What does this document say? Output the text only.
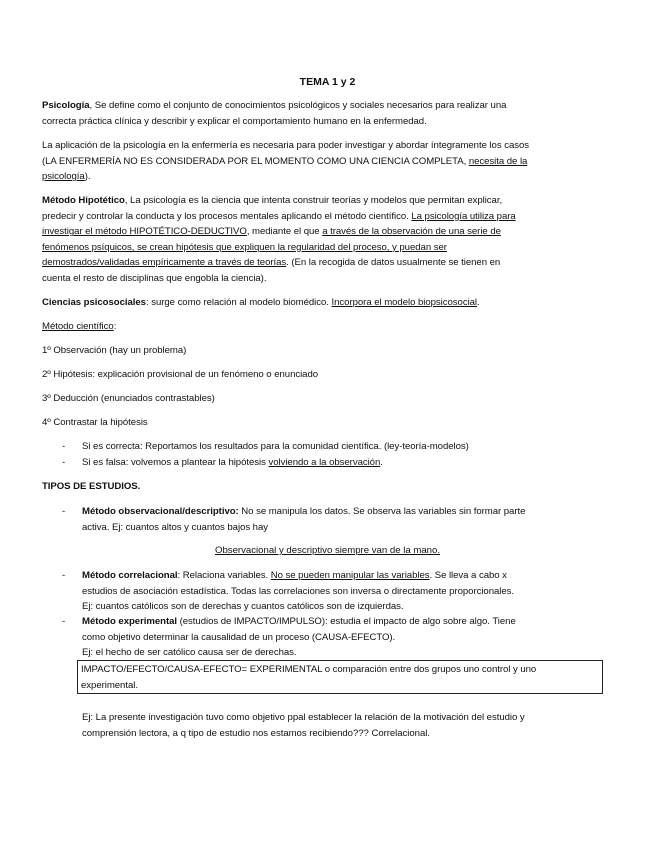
TEMA 1 y 2

Psicología, Se define como el conjunto de conocimientos psicológicos y sociales necesarios para realizar una

correcta práctica clínica y describir y explicar el comportamiento humano en la enfermedad.

La aplicación de la psicología en la enfermería es necesaria para poder investigar y abordar íntegramente los casos

(LA ENFERMERÍA NO ES CONSIDERADA POR EL MOMENTO COMO UNA CIENCIA COMPLETA, necesita de la

psicología).

Método Hipotético, La psicología es la ciencia que intenta construir teorías y modelos que permitan explicar,

predecir y controlar la conducta y los procesos mentales aplicando el método científico. La psicología utiliza para

investigar el método HIPOTÉTICO-DEDUCTIVO, mediante el que a través de la observación de una serie de

fenómenos psíquicos, se crean hipótesis que expliquen la regularidad del proceso, y puedan ser

demostrados/validadas empíricamente a través de teorías. (En la recogida de datos usualmente se tienen en

cuenta el resto de disciplinas que engobla la ciencia).

Ciencias psicosociales: surge como relación al modelo biomédico. Incorpora el modelo biopsicosocial.

Método científico:

1º Observación (hay un problema)

2º Hipótesis: explicación provisional de un fenómeno o enunciado

3º Deducción (enunciados contrastables)

4º Contrastar la hipótesis

- Si es correcta: Reportamos los resultados para la comunidad científica. (ley-teoría-modelos)

- Si es falsa: volvemos a plantear la hipótesis volviendo a la observación.

TIPOS DE ESTUDIOS.

- Método observacional/descriptivo: No se manipula los datos. Se observa las variables sin formar parte

activa. Ej: cuantos altos y cuantos bajos hay

Observacional y descriptivo siempre van de la mano.
- Método correlacional: Relaciona variables. No se pueden manipular las variables. Se lleva a cabo x

estudios de asociación estadística. Todas las correlaciones son inversa o directamente proporcionales.

Ej: cuantos católicos son de derechas y cuantos católicos son de izquierdas.

- Método experimental (estudios de IMPACTO/IMPULSO): estudia el impacto de algo sobre algo. Tiene

como objetivo determinar la causalidad de un proceso (CAUSA-EFECTO).

Ej: el hecho de ser católico causa ser de derechas.

IMPACTO/EFECTO/CAUSA-EFECTO= EXPERIMENTAL o comparación entre dos grupos uno control y uno

experimental.

Ej: La presente investigación tuvo como objetivo ppal establecer la relación de la motivación del estudio y

comprensión lectora, a q tipo de estudio nos estamos recibiendo??? Correlacional.
